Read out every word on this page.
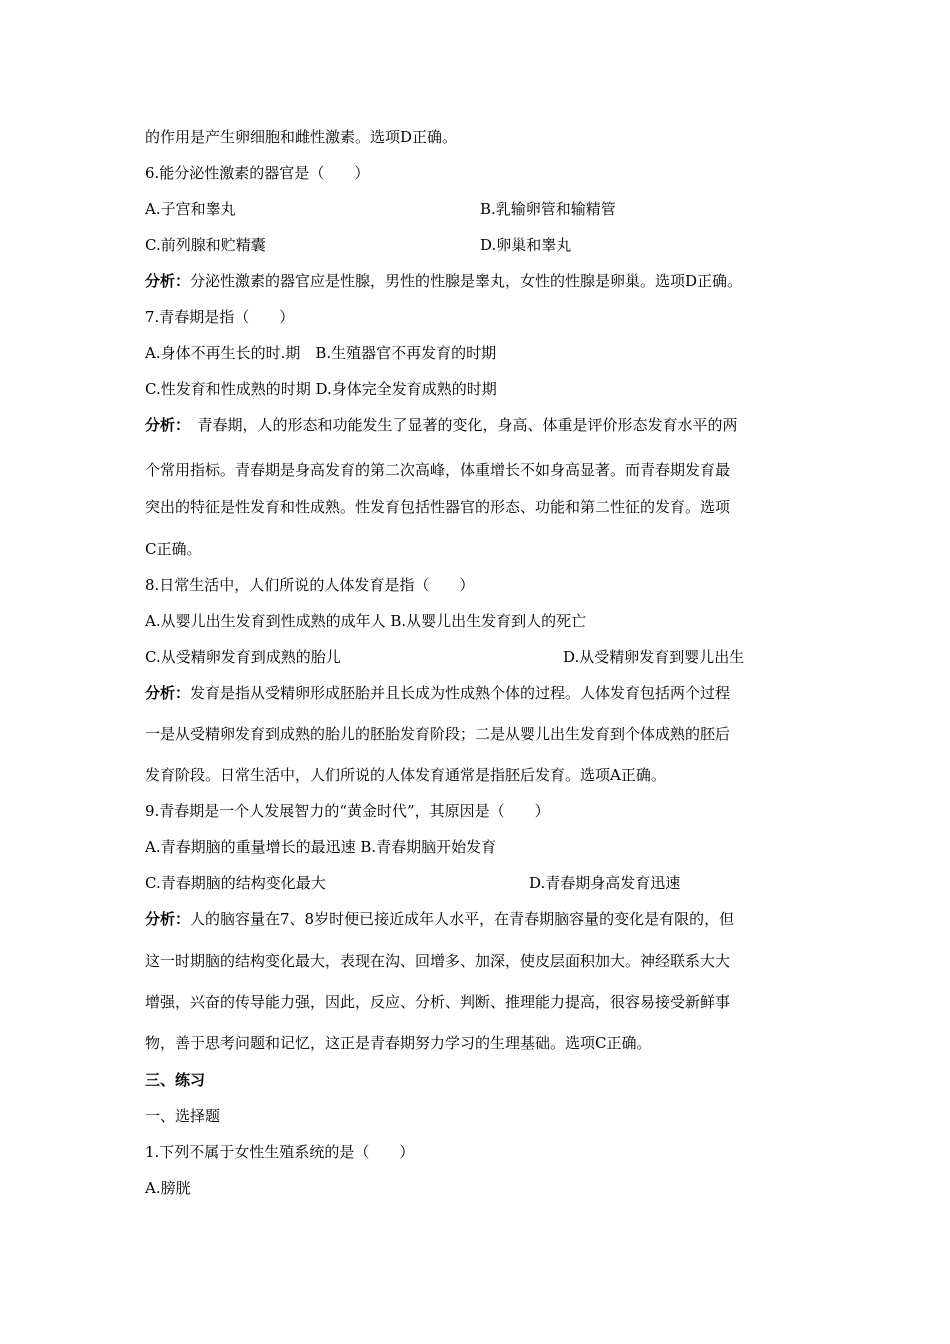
的作用是产生卵细胞和雌性激素。选项D正确。
6.能分泌性激素的器官是（　　）
A.子宫和睾丸	B.乳输卵管和输精管
C.前列腺和贮精囊	D.卵巢和睾丸
分析：分泌性激素的器官应是性腺，男性的性腺是睾丸，女性的性腺是卵巢。选项D正确。
7.青春期是指（　　）
A.身体不再生长的时.期　B.生殖器官不再发育的时期
C.性发育和性成熟的时期 D.身体完全发育成熟的时期
分析：　青春期，人的形态和功能发生了显著的变化，身高、体重是评价形态发育水平的两
个常用指标。青春期是身高发育的第二次高峰，体重增长不如身高显著。而青春期发育最
突出的特征是性发育和性成熟。性发育包括性器官的形态、功能和第二性征的发育。选项
C正确。
8.日常生活中，人们所说的人体发育是指（　　）
A.从婴儿出生发育到性成熟的成年人 B.从婴儿出生发育到人的死亡
C.从受精卵发育到成熟的胎儿	D.从受精卵发育到婴儿出生
分析：发育是指从受精卵形成胚胎并且长成为性成熟个体的过程。人体发育包括两个过程
一是从受精卵发育到成熟的胎儿的胚胎发育阶段；二是从婴儿出生发育到个体成熟的胚后
发育阶段。日常生活中，人们所说的人体发育通常是指胚后发育。选项A正确。
9.青春期是一个人发展智力的“黄金时代”，其原因是（　　）
A.青春期脑的重量增长的最迅速 B.青春期脑开始发育
C.青春期脑的结构变化最大	D.青春期身高发育迅速
分析：人的脑容量在7、8岁时便已接近成年人水平，在青春期脑容量的变化是有限的，但
这一时期脑的结构变化最大，表现在沟、回增多、加深，使皮层面积加大。神经联系大大
增强，兴奋的传导能力强，因此，反应、分析、判断、推理能力提高，很容易接受新鲜事
物，善于思考问题和记忆，这正是青春期努力学习的生理基础。选项C正确。
三、练习
一、选择题
1.下列不属于女性生殖系统的是（　　）
A.膀胱
